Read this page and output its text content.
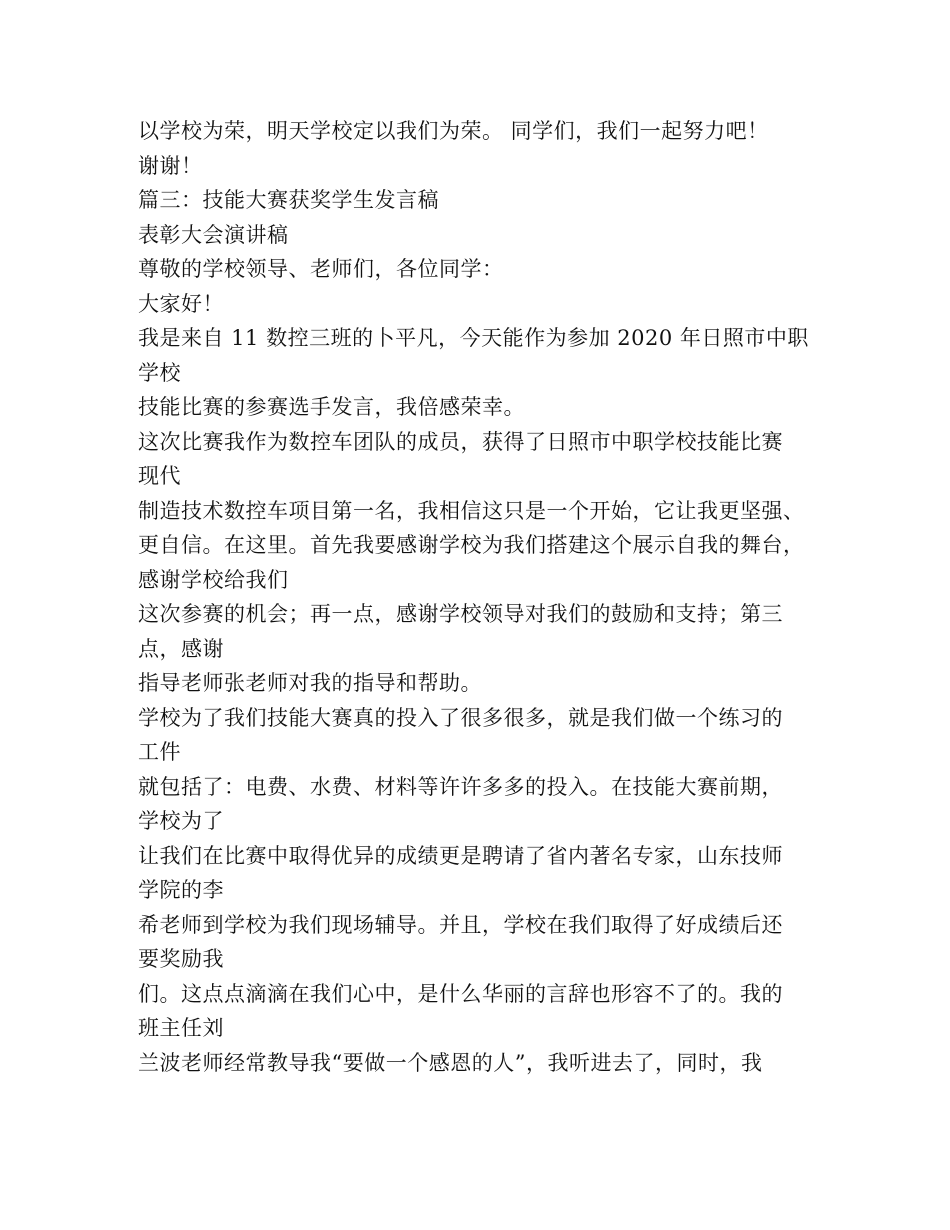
以学校为荣，明天学校定以我们为荣。 同学们，我们一起努力吧！
谢谢！
篇三：技能大赛获奖学生发言稿
表彰大会演讲稿
尊敬的学校领导、老师们，各位同学：
大家好！
我是来自 11 数控三班的卜平凡，今天能作为参加 2020 年日照市中职
学校
技能比赛的参赛选手发言，我倍感荣幸。
这次比赛我作为数控车团队的成员，获得了日照市中职学校技能比赛
现代
制造技术数控车项目第一名，我相信这只是一个开始，它让我更坚强、
更自信。在这里。首先我要感谢学校为我们搭建这个展示自我的舞台，
感谢学校给我们
这次参赛的机会；再一点，感谢学校领导对我们的鼓励和支持；第三
点，感谢
指导老师张老师对我的指导和帮助。
学校为了我们技能大赛真的投入了很多很多，就是我们做一个练习的
工件
就包括了：电费、水费、材料等许许多多的投入。在技能大赛前期，
学校为了
让我们在比赛中取得优异的成绩更是聘请了省内著名专家，山东技师
学院的李
希老师到学校为我们现场辅导。并且，学校在我们取得了好成绩后还
要奖励我
们。这点点滴滴在我们心中，是什么华丽的言辞也形容不了的。我的
班主任刘
兰波老师经常教导我“要做一个感恩的人”，我听进去了，同时，我
